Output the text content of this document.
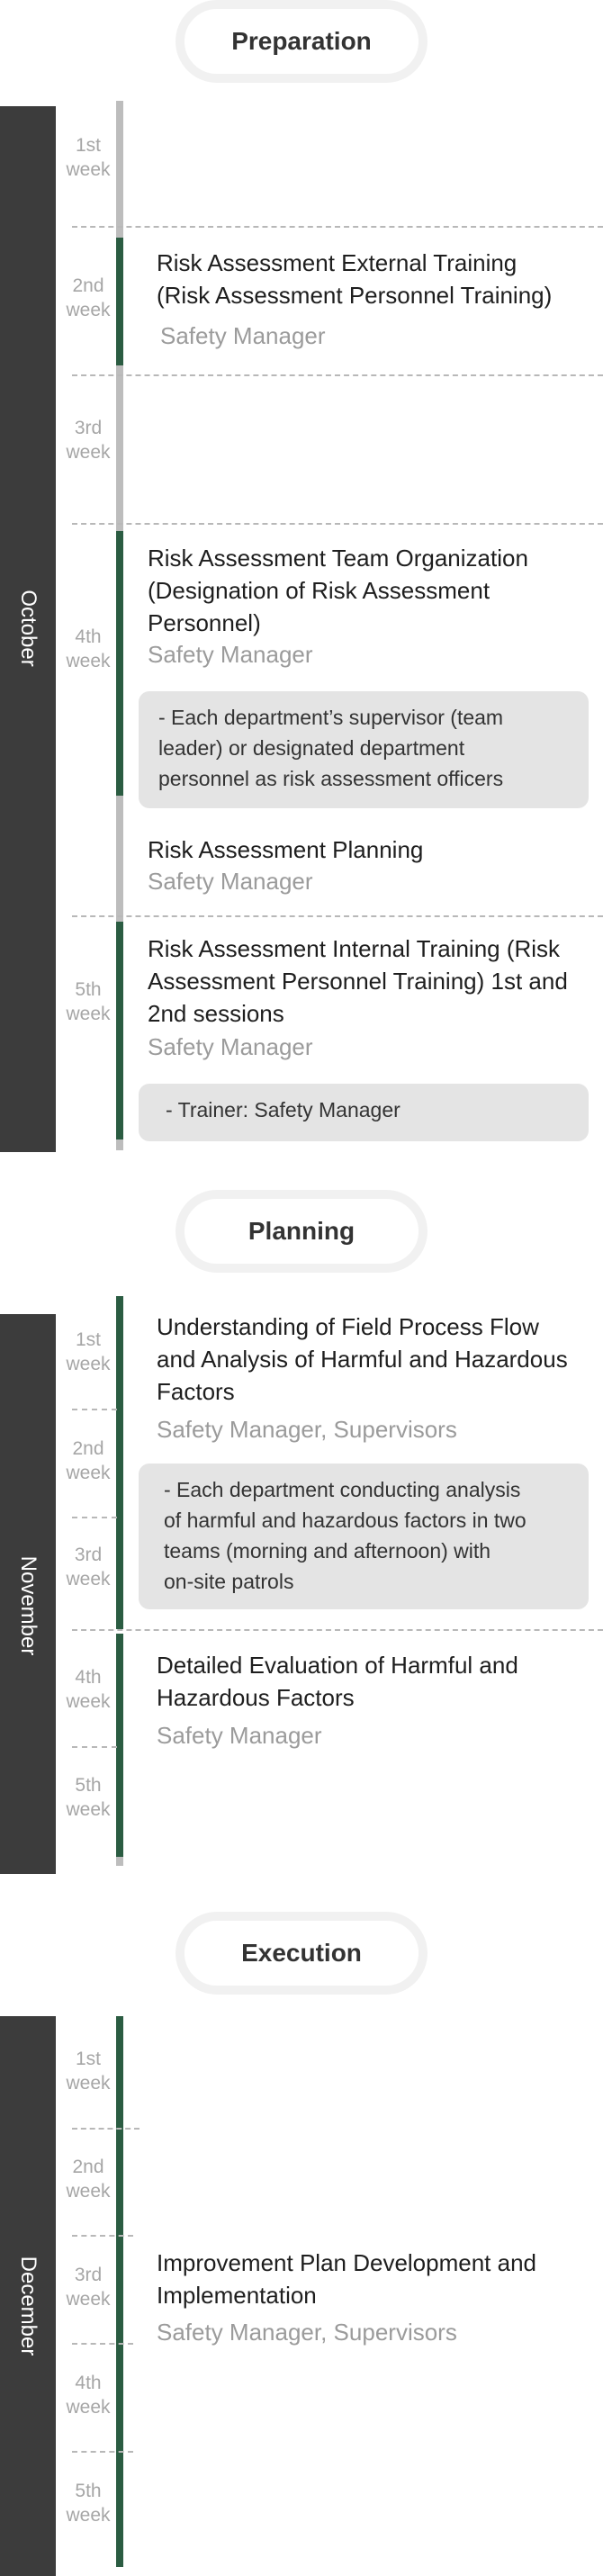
Preparation
October
1st
week
2nd
week
3rd
week
4th
week
5th
week
Risk Assessment External Training
(Risk Assessment Personnel Training)
Safety Manager
Risk Assessment Team Organization
(Designation of Risk Assessment
Personnel)
Safety Manager
- Each department’s supervisor (team
leader) or designated department
personnel as risk assessment officers
Risk Assessment Planning
Safety Manager
Risk Assessment Internal Training (Risk
Assessment Personnel Training) 1st and
2nd sessions
Safety Manager
- Trainer: Safety Manager
Planning
November
1st
week
2nd
week
3rd
week
4th
week
5th
week
Understanding of Field Process Flow
and Analysis of Harmful and Hazardous
Factors
Safety Manager, Supervisors
- Each department conducting analysis
of harmful and hazardous factors in two
teams (morning and afternoon) with
on-site patrols
Detailed Evaluation of Harmful and
Hazardous Factors
Safety Manager
Execution
December
1st
week
2nd
week
3rd
week
4th
week
5th
week
Improvement Plan Development and
Implementation
Safety Manager, Supervisors
